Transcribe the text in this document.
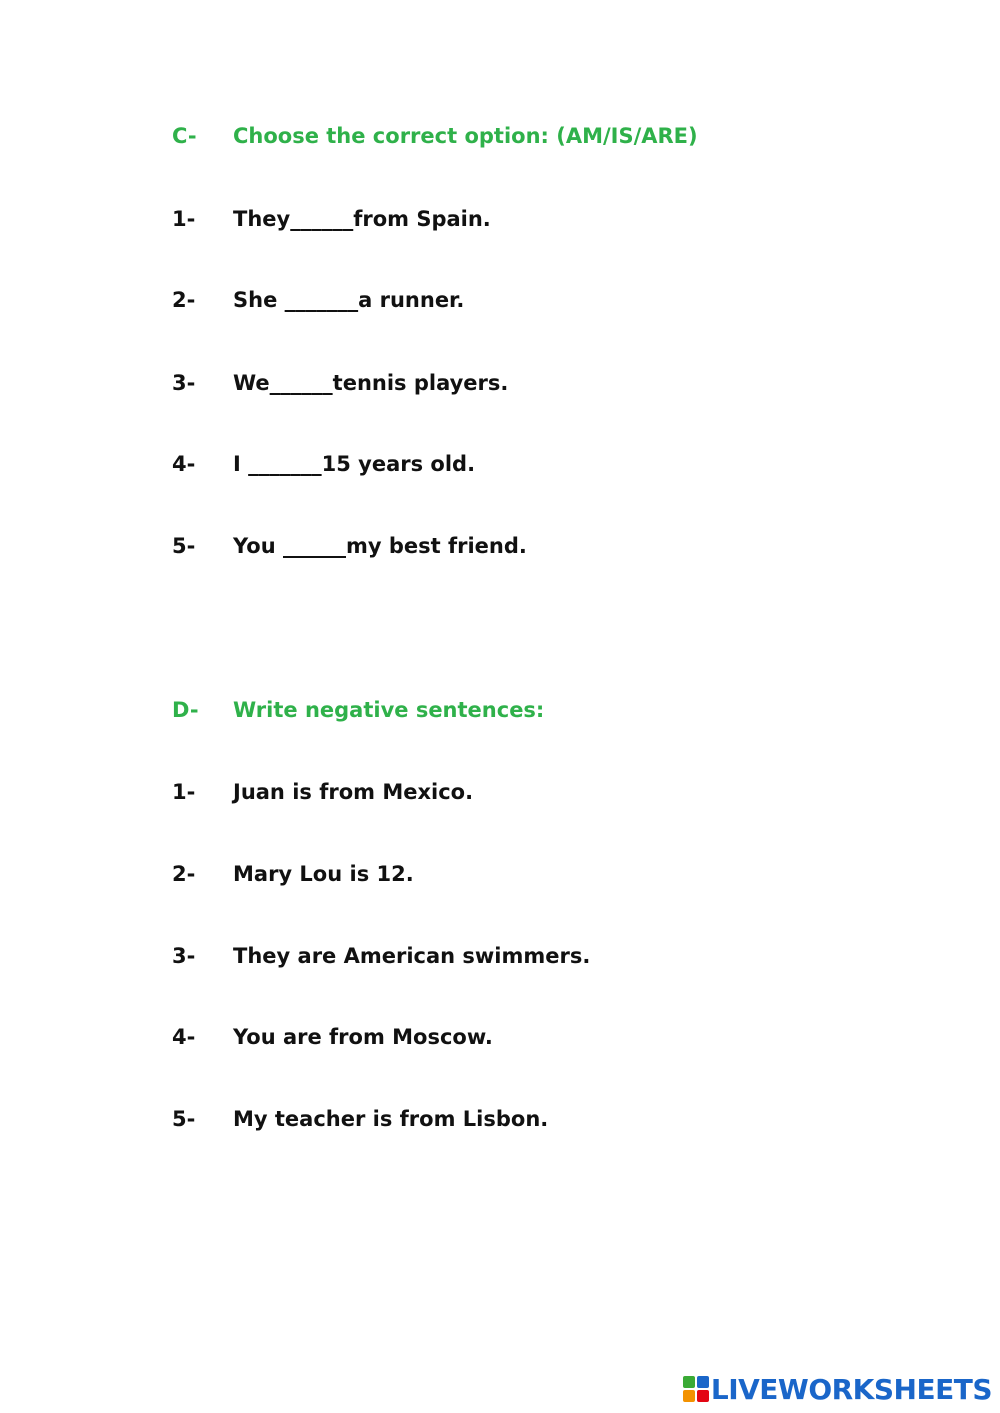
C- Choose the correct option: (AM/IS/ARE)
1- They______from Spain.
2- She _______a runner.
3- We______tennis players.
4- I _______15 years old.
5- You ______my best friend.
D- Write negative sentences:
1- Juan is from Mexico.
2- Mary Lou is 12.
3- They are American swimmers.
4- You are from Moscow.
5- My teacher is from Lisbon.
LIVEWORKSHEETS
